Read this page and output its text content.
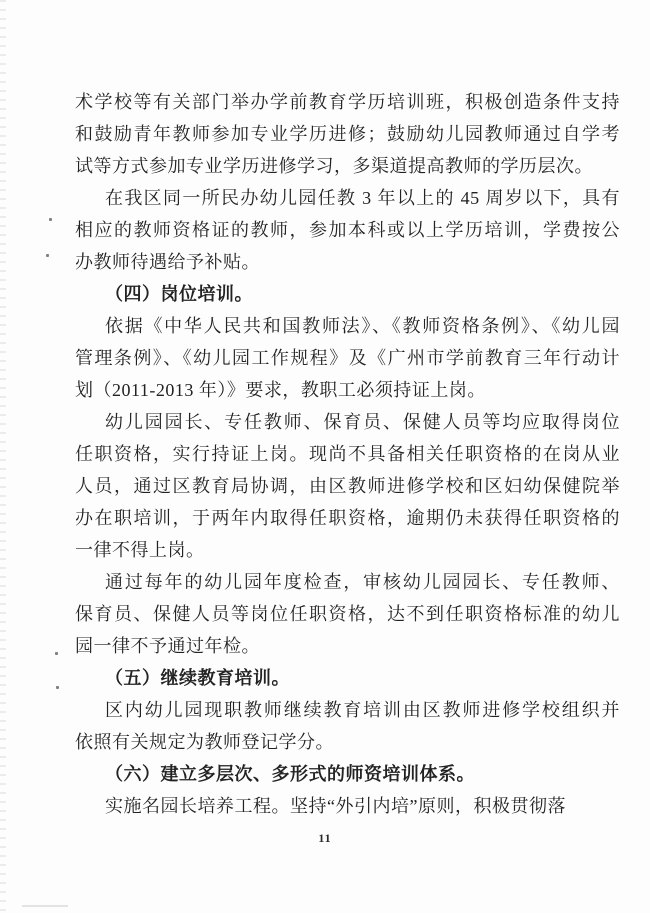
术学校等有关部门举办学前教育学历培训班，积极创造条件支持
和鼓励青年教师参加专业学历进修；鼓励幼儿园教师通过自学考
试等方式参加专业学历进修学习，多渠道提高教师的学历层次。
在我区同一所民办幼儿园任教 3 年以上的 45 周岁以下，具有
相应的教师资格证的教师，参加本科或以上学历培训，学费按公
办教师待遇给予补贴。
（四）岗位培训。
依据《中华人民共和国教师法》、《教师资格条例》、《幼儿园
管理条例》、《幼儿园工作规程》及《广州市学前教育三年行动计
划（2011-2013 年）》要求，教职工必须持证上岗。
幼儿园园长、专任教师、保育员、保健人员等均应取得岗位
任职资格，实行持证上岗。现尚不具备相关任职资格的在岗从业
人员，通过区教育局协调，由区教师进修学校和区妇幼保健院举
办在职培训，于两年内取得任职资格，逾期仍未获得任职资格的
一律不得上岗。
通过每年的幼儿园年度检查，审核幼儿园园长、专任教师、
保育员、保健人员等岗位任职资格，达不到任职资格标准的幼儿
园一律不予通过年检。
（五）继续教育培训。
区内幼儿园现职教师继续教育培训由区教师进修学校组织并
依照有关规定为教师登记学分。
（六）建立多层次、多形式的师资培训体系。
实施名园长培养工程。坚持“外引内培”原则，积极贯彻落
11
